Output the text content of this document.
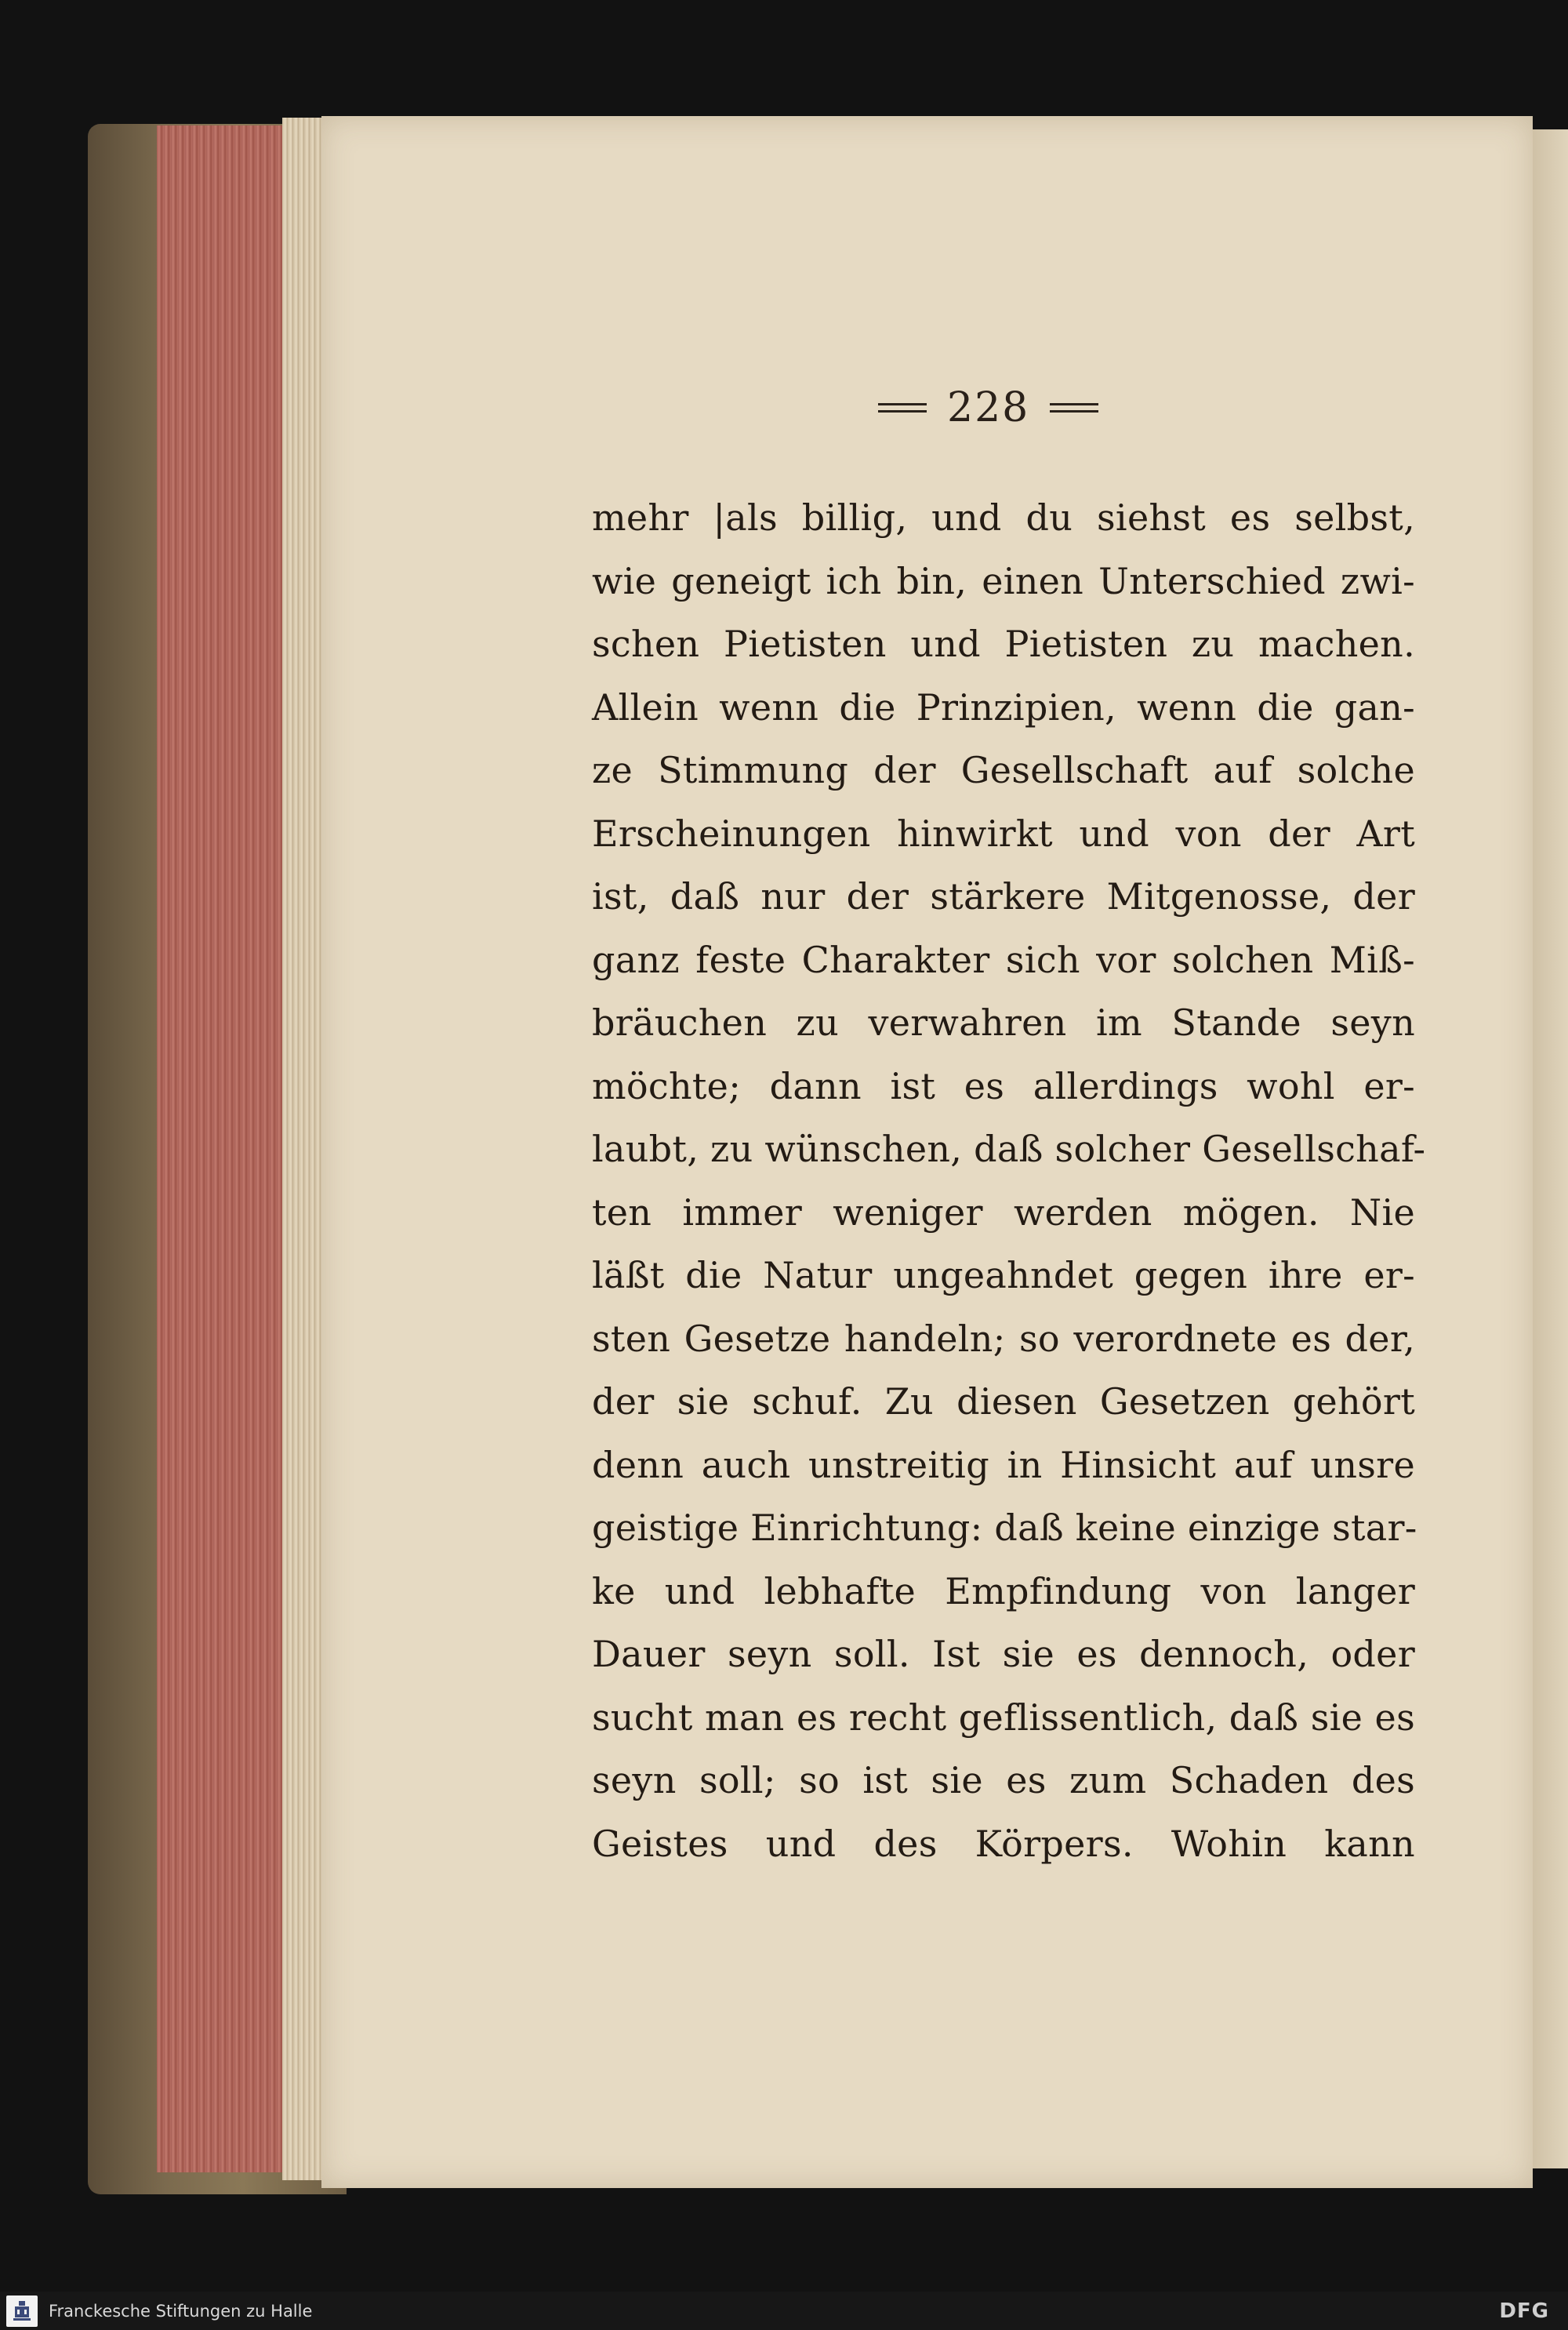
228
mehr |als billig, und du siehst es selbst,
wie geneigt ich bin, einen Unterschied zwi-
schen Pietisten und Pietisten zu machen.
Allein wenn die Prinzipien, wenn die gan-
ze Stimmung der Gesellschaft auf solche
Erscheinungen hinwirkt und von der Art
ist, daß nur der stärkere Mitgenosse, der
ganz feste Charakter sich vor solchen Miß-
bräuchen zu verwahren im Stande seyn
möchte; dann ist es allerdings wohl er-
laubt, zu wünschen, daß solcher Gesellschaf-
ten immer weniger werden mögen. Nie
läßt die Natur ungeahndet gegen ihre er-
sten Gesetze handeln; so verordnete es der,
der sie schuf. Zu diesen Gesetzen gehört
denn auch unstreitig in Hinsicht auf unsre
geistige Einrichtung: daß keine einzige star-
ke und lebhafte Empfindung von langer
Dauer seyn soll. Ist sie es dennoch, oder
sucht man es recht geflissentlich, daß sie es
seyn soll; so ist sie es zum Schaden des
Geistes und des Körpers. Wohin kann
Franckesche Stiftungen zu Halle	DFG
